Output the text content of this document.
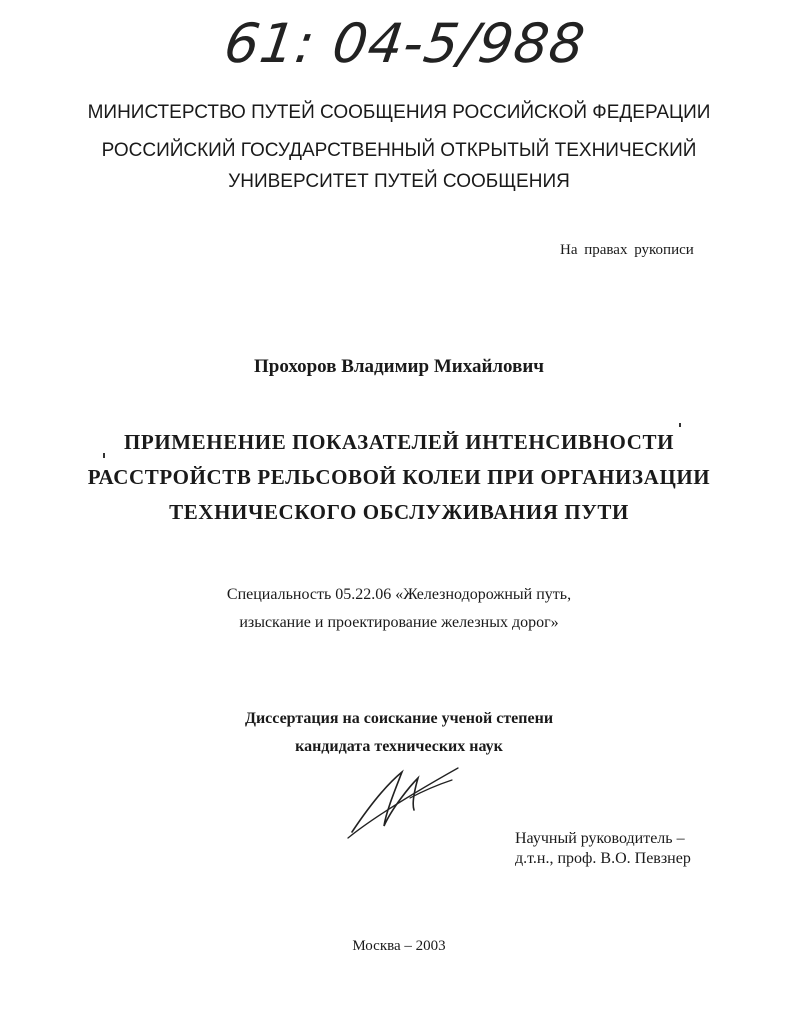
61: 04-5/988
МИНИСТЕРСТВО ПУТЕЙ СООБЩЕНИЯ РОССИЙСКОЙ ФЕДЕРАЦИИ
РОССИЙСКИЙ ГОСУДАРСТВЕННЫЙ ОТКРЫТЫЙ ТЕХНИЧЕСКИЙ
УНИВЕРСИТЕТ ПУТЕЙ СООБЩЕНИЯ
На правах рукописи
Прохоров Владимир Михайлович
ПРИМЕНЕНИЕ ПОКАЗАТЕЛЕЙ ИНТЕНСИВНОСТИ
РАССТРОЙСТВ РЕЛЬСОВОЙ КОЛЕИ ПРИ ОРГАНИЗАЦИИ
ТЕХНИЧЕСКОГО ОБСЛУЖИВАНИЯ ПУТИ
Специальность 05.22.06 «Железнодорожный путь,
изыскание и проектирование железных дорог»
Диссертация на соискание ученой степени
кандидата технических наук
Научный руководитель –
д.т.н., проф. В.О. Певзнер
Москва – 2003
